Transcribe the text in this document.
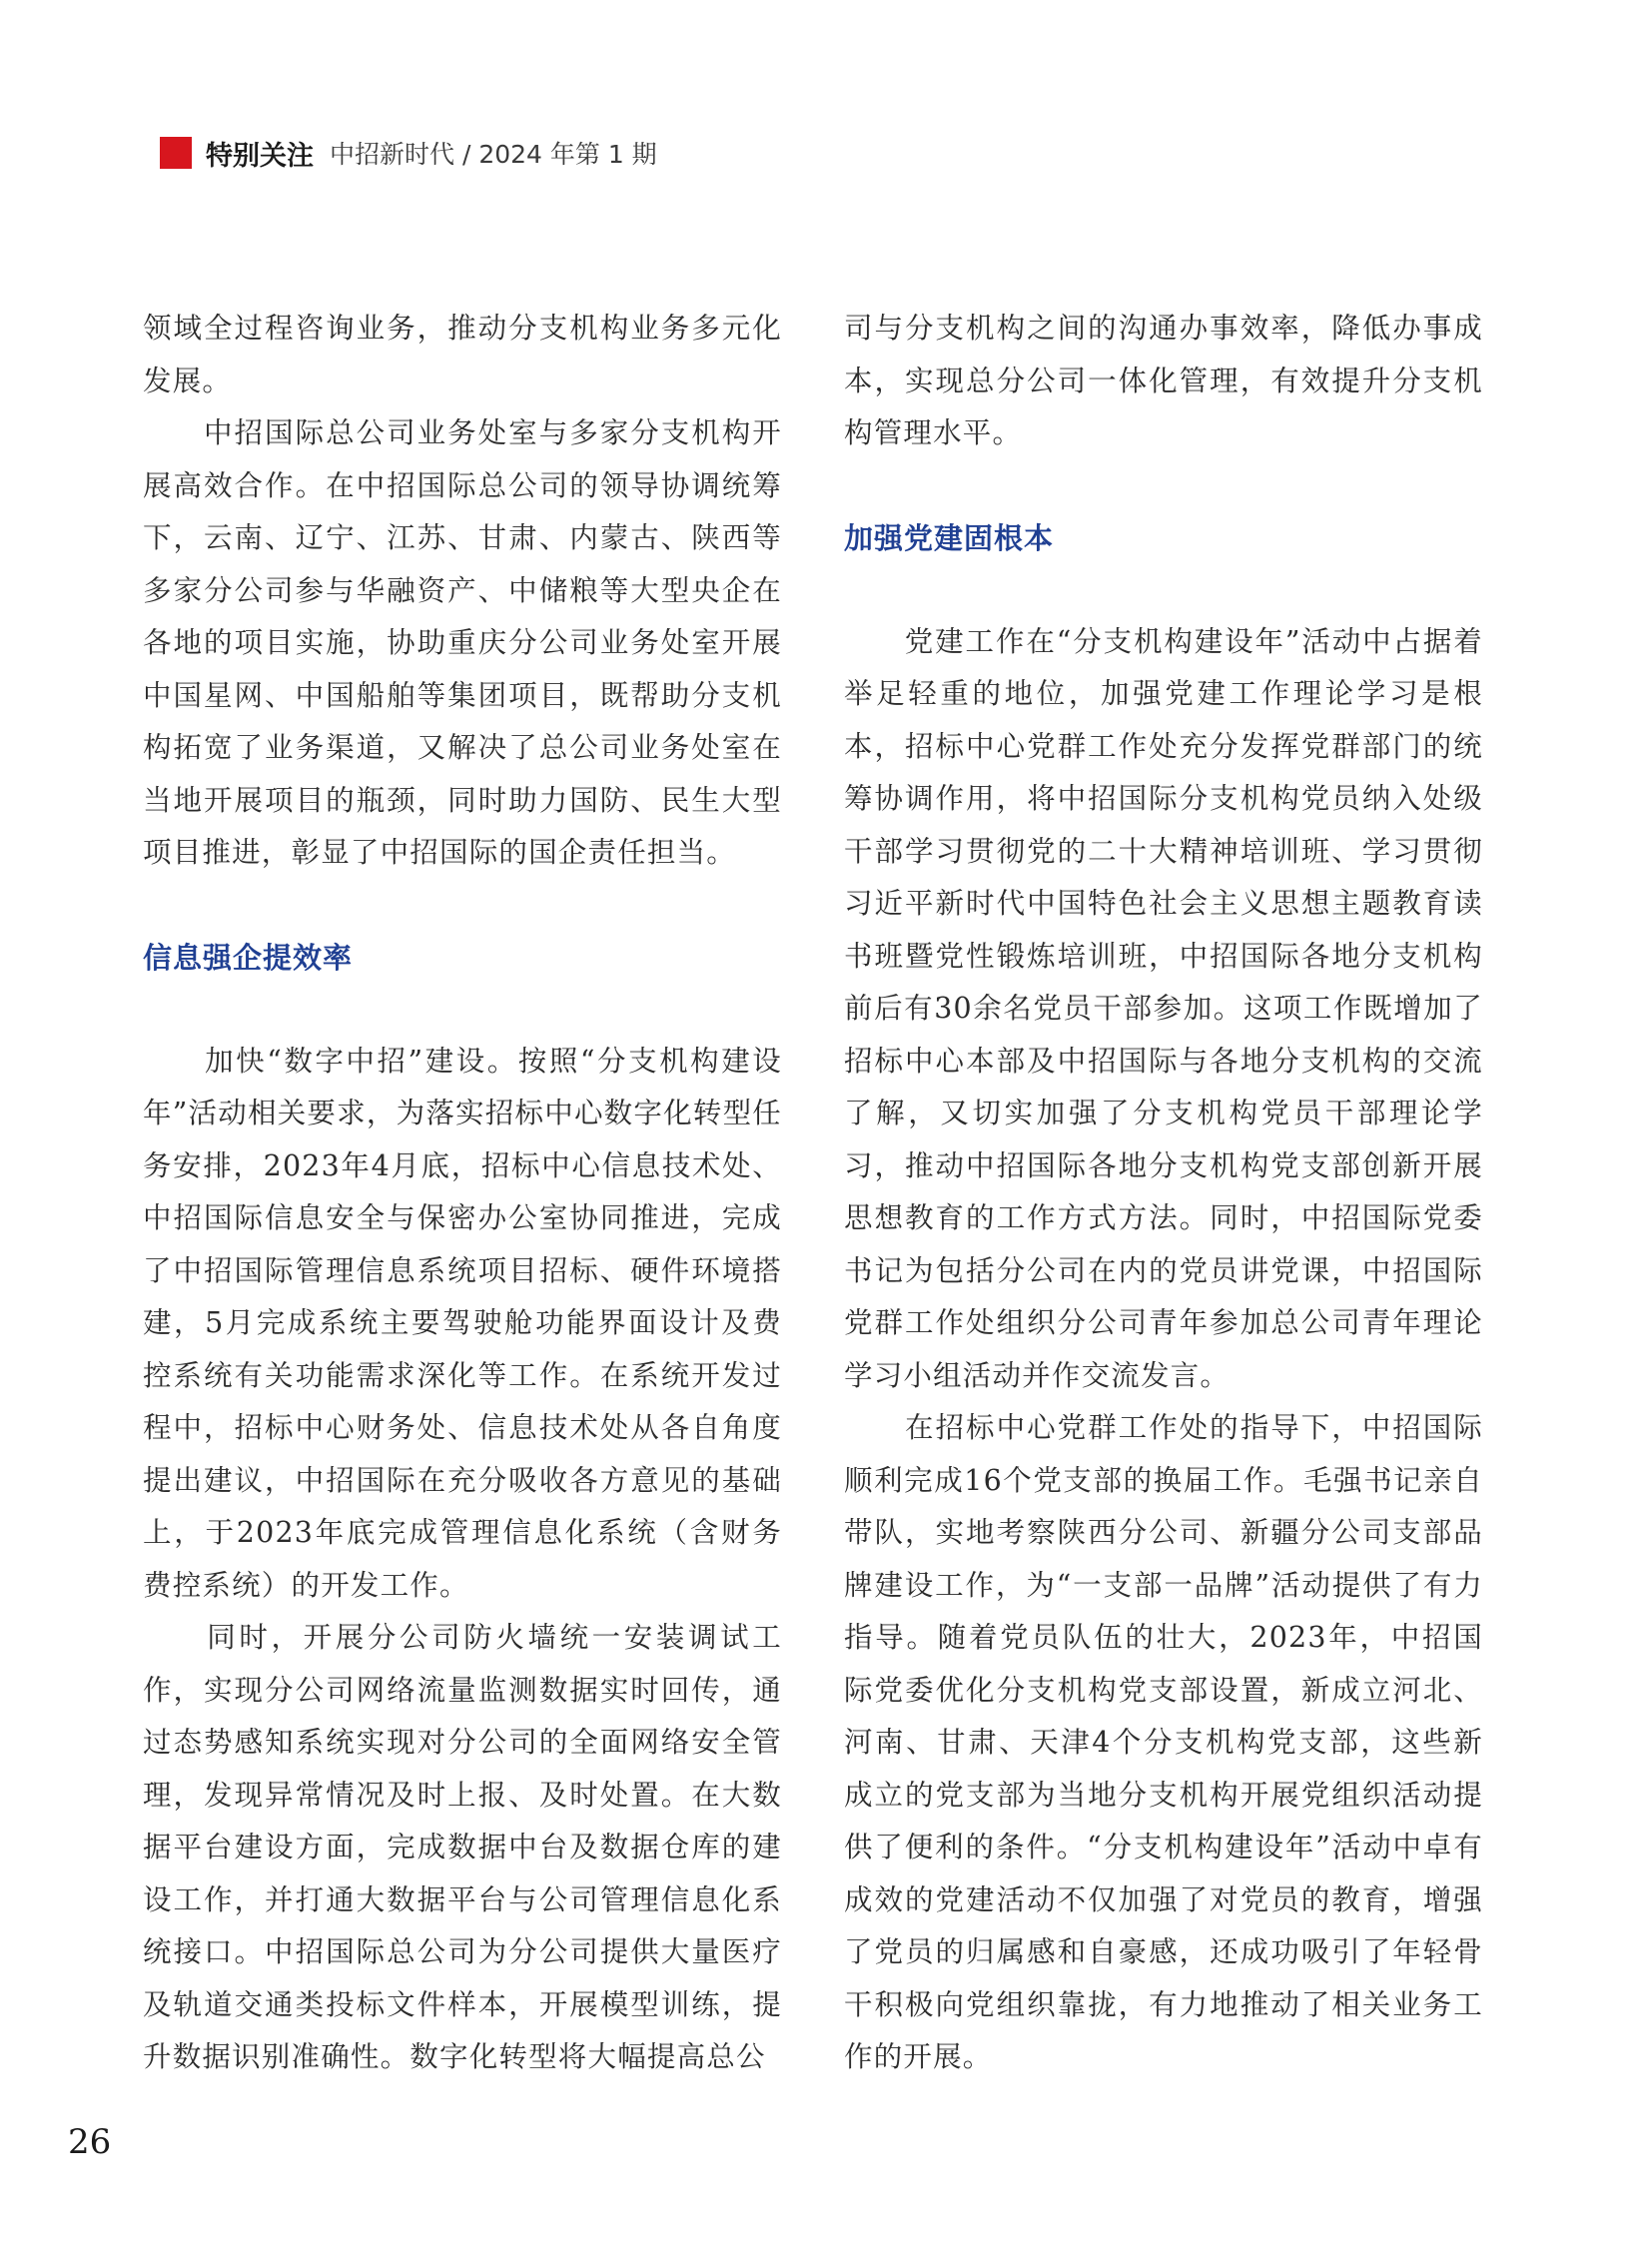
特别关注 中招新时代 / 2024 年第 1 期

领域全过程咨询业务，推动分支机构业务多元化发展。

　　中招国际总公司业务处室与多家分支机构开展高效合作。在中招国际总公司的领导协调统筹下，云南、辽宁、江苏、甘肃、内蒙古、陕西等多家分公司参与华融资产、中储粮等大型央企在各地的项目实施，协助重庆分公司业务处室开展中国星网、中国船舶等集团项目，既帮助分支机构拓宽了业务渠道，又解决了总公司业务处室在当地开展项目的瓶颈，同时助力国防、民生大型项目推进，彰显了中招国际的国企责任担当。

信息强企提效率

　　加快“数字中招”建设。按照“分支机构建设年”活动相关要求，为落实招标中心数字化转型任务安排，2023年4月底，招标中心信息技术处、中招国际信息安全与保密办公室协同推进，完成了中招国际管理信息系统项目招标、硬件环境搭建，5月完成系统主要驾驶舱功能界面设计及费控系统有关功能需求深化等工作。在系统开发过程中，招标中心财务处、信息技术处从各自角度提出建议，中招国际在充分吸收各方意见的基础上，于2023年底完成管理信息化系统（含财务费控系统）的开发工作。

　　同时，开展分公司防火墙统一安装调试工作，实现分公司网络流量监测数据实时回传，通过态势感知系统实现对分公司的全面网络安全管理，发现异常情况及时上报、及时处置。在大数据平台建设方面，完成数据中台及数据仓库的建设工作，并打通大数据平台与公司管理信息化系统接口。中招国际总公司为分公司提供大量医疗及轨道交通类投标文件样本，开展模型训练，提升数据识别准确性。数字化转型将大幅提高总公

司与分支机构之间的沟通办事效率，降低办事成本，实现总分公司一体化管理，有效提升分支机构管理水平。

加强党建固根本

　　党建工作在“分支机构建设年”活动中占据着举足轻重的地位，加强党建工作理论学习是根本，招标中心党群工作处充分发挥党群部门的统筹协调作用，将中招国际分支机构党员纳入处级干部学习贯彻党的二十大精神培训班、学习贯彻习近平新时代中国特色社会主义思想主题教育读书班暨党性锻炼培训班，中招国际各地分支机构前后有30余名党员干部参加。这项工作既增加了招标中心本部及中招国际与各地分支机构的交流了解，又切实加强了分支机构党员干部理论学习，推动中招国际各地分支机构党支部创新开展思想教育的工作方式方法。同时，中招国际党委书记为包括分公司在内的党员讲党课，中招国际党群工作处组织分公司青年参加总公司青年理论学习小组活动并作交流发言。

　　在招标中心党群工作处的指导下，中招国际顺利完成16个党支部的换届工作。毛强书记亲自带队，实地考察陕西分公司、新疆分公司支部品牌建设工作，为“一支部一品牌”活动提供了有力指导。随着党员队伍的壮大，2023年，中招国际党委优化分支机构党支部设置，新成立河北、河南、甘肃、天津4个分支机构党支部，这些新成立的党支部为当地分支机构开展党组织活动提供了便利的条件。“分支机构建设年”活动中卓有成效的党建活动不仅加强了对党员的教育，增强了党员的归属感和自豪感，还成功吸引了年轻骨干积极向党组织靠拢，有力地推动了相关业务工作的开展。

26
